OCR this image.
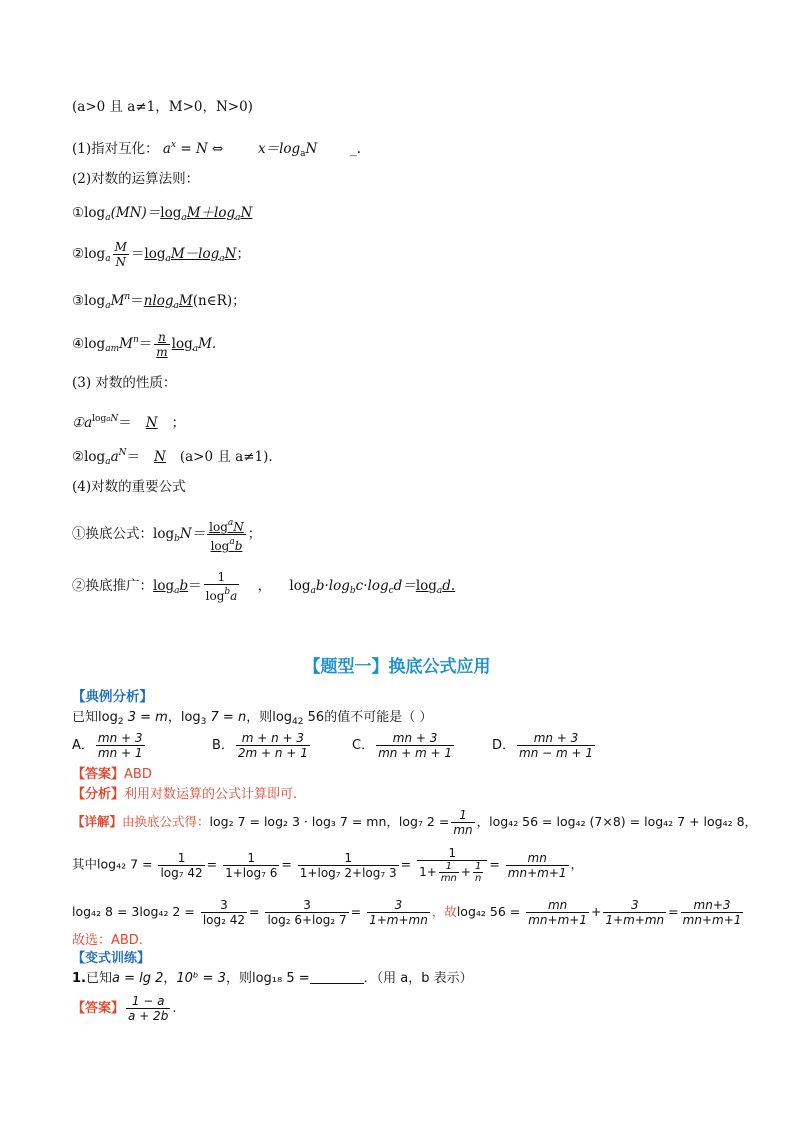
(a>0 且 a≠1，M>0，N>0)
(1)指对互化： $a^x = N$ ⇔	$x=\log_aN$ _.
(2)对数的运算法则：
$①\log_a(MN)=\log_aM+\log_aN$
$②\log_a \frac{M}{N} =\log_aM-\log_aN$；
$③\log_aM^n=nlog_aM(n\in R)$；
$④\log_{am}M^n= \frac{n}{m} \log_aM$.
(3) 对数的性质：
$①a^{logaN}= N$ ；
$②\log_aa^N= N$ (a>0 且 a≠1).
(4)对数的重要公式
①换底公式：$\log_bN= \frac{\log^aN}{\log^ab}$ ；
②换底推广：$\log_ab= \frac{1}{\log^ba}$ ， $\log_ab\cdot\log_bc\cdot\log_cd=\log_ad$.
【题型一】换底公式应用
【典例分析】
已知$\log_2 3 = m$，$\log_3 7 = n$，则$\log_{42} 56$的值不可能是（ ）
A． $\frac{mn + 3}{mn + 1}$	B． $\frac{m + n + 3}{2m + n + 1}$	C． $\frac{mn + 3}{mn + m + 1}$	D． $\frac{mn + 3}{mn - m + 1}$
【答案】ABD
【分析】利用对数运算的公式计算即可.
【详解】由换底公式得：log₂ 7 = log₂ 3 · log₃ 7 = mn，log₇ $2 = \frac{1}{mn}$ ，log₄₂ 56 = log₄₂ (7×8) = log₄₂ 7 + log₄₂ 8，
其中log₄₂ $7 = \frac{1}{\text{log₇ 42}} = \frac{1}{\text{1+log₇ 6}} = \frac{1}{\text{1+log₇ 2+log₇ 3}} = \frac{1}{1+ \frac{1}{mn} + \frac{1}{n}} = \frac{mn}{mn+m+1}$ ，
log₄₂ 8 = 3log₄₂ $2 = \frac{3}{\text{log₂ 42}} = \frac{3}{\text{log₂ 6+log₂ 7}} = \frac{3}{1+m+mn}$ ，故log₄₂ $56 = \frac{mn}{mn+m+1} + \frac{3}{1+m+mn} = \frac{mn+3}{mn+m+1}$
故选：ABD.
【变式训练】
1.已知a = lg 2，10ᵇ = 3，则log₁₈ 5 =	．（用 a，b 表示）
【答案】 $\frac{1 - a}{a + 2b}$ .
